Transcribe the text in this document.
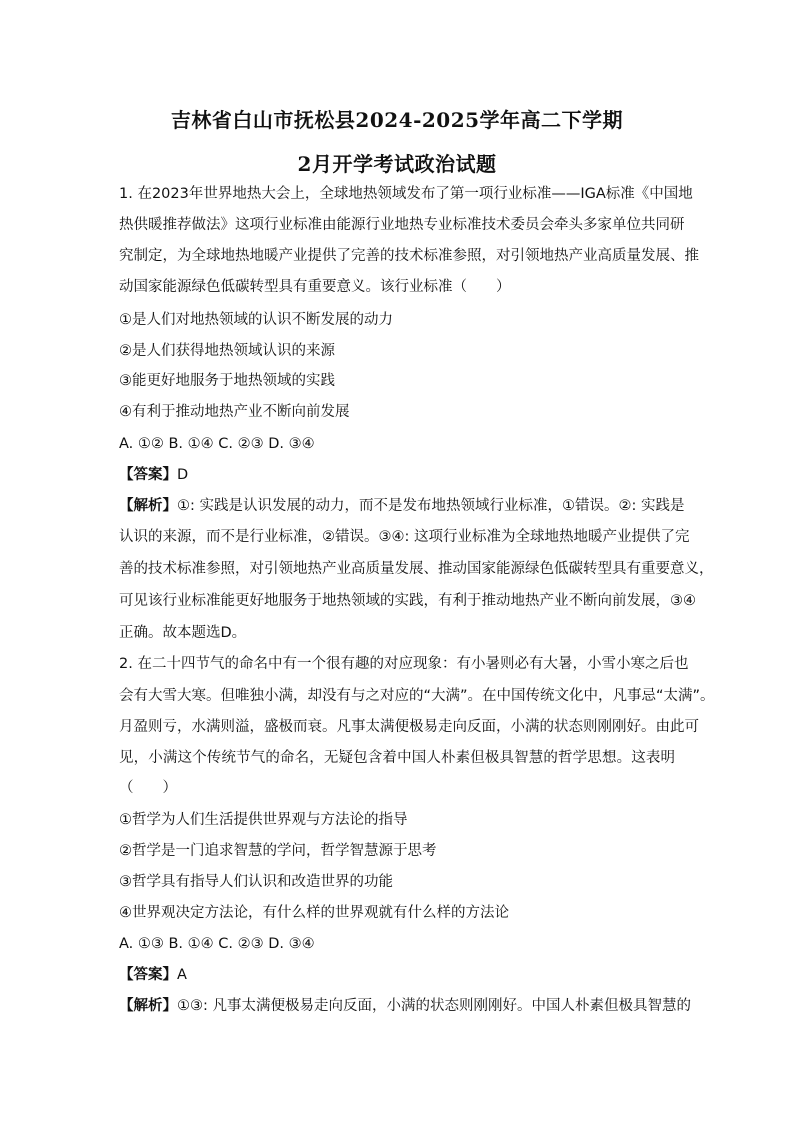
吉林省白山市抚松县2024-2025学年高二下学期
2月开学考试政治试题
1. 在2023年世界地热大会上，全球地热领域发布了第一项行业标准——IGA标准《中国地
热供暖推荐做法》这项行业标准由能源行业地热专业标准技术委员会牵头多家单位共同研
究制定，为全球地热地暖产业提供了完善的技术标准参照，对引领地热产业高质量发展、推
动国家能源绿色低碳转型具有重要意义。该行业标准（　　）
①是人们对地热领域的认识不断发展的动力
②是人们获得地热领域认识的来源
③能更好地服务于地热领域的实践
④有利于推动地热产业不断向前发展
A. ①② B. ①④ C. ②③ D. ③④
【答案】D
【解析】①: 实践是认识发展的动力，而不是发布地热领域行业标准，①错误。②: 实践是
认识的来源，而不是行业标准，②错误。③④: 这项行业标准为全球地热地暖产业提供了完
善的技术标准参照，对引领地热产业高质量发展、推动国家能源绿色低碳转型具有重要意义，
可见该行业标准能更好地服务于地热领域的实践，有利于推动地热产业不断向前发展，③④
正确。故本题选D。
2. 在二十四节气的命名中有一个很有趣的对应现象：有小暑则必有大暑，小雪小寒之后也
会有大雪大寒。但唯独小满，却没有与之对应的“大满”。在中国传统文化中，凡事忌“太满”。
月盈则亏，水满则溢，盛极而衰。凡事太满便极易走向反面，小满的状态则刚刚好。由此可
见，小满这个传统节气的命名，无疑包含着中国人朴素但极具智慧的哲学思想。这表明
（　　）
①哲学为人们生活提供世界观与方法论的指导
②哲学是一门追求智慧的学问，哲学智慧源于思考
③哲学具有指导人们认识和改造世界的功能
④世界观决定方法论，有什么样的世界观就有什么样的方法论
A. ①③ B. ①④ C. ②③ D. ③④
【答案】A
【解析】①③: 凡事太满便极易走向反面，小满的状态则刚刚好。中国人朴素但极具智慧的
